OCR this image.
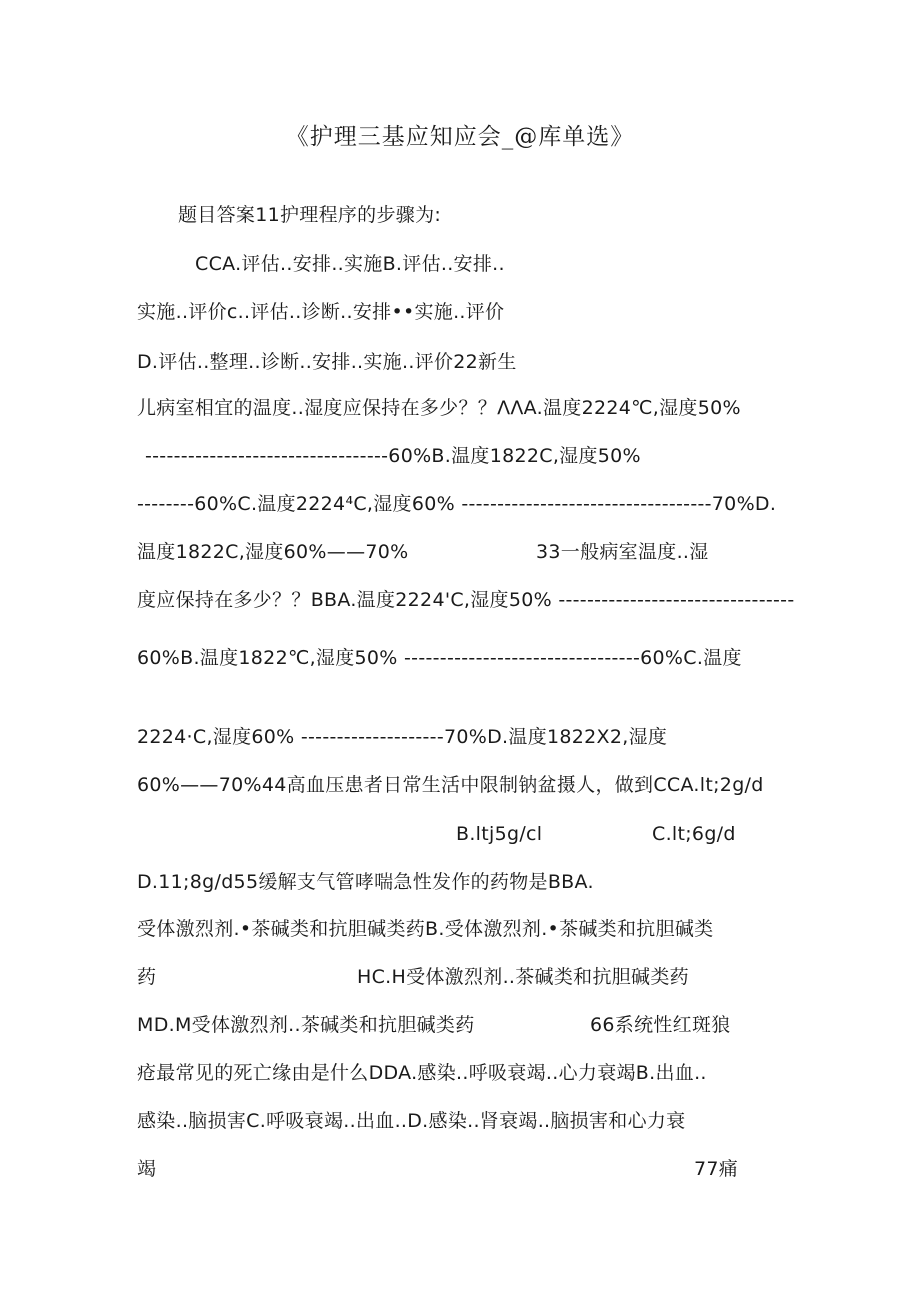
《护理三基应知应会_@库单选》
题目答案11护理程序的步骤为:
CCA.评估..安排..实施B.评估..安排..
实施..评价c..评估..诊断..安排••实施..评价
D.评估..整理..诊断..安排..实施..评价22新生
儿病室相宜的温度..湿度应保持在多少？？ΛΛA.温度2224℃,湿度50%
----------------------------------60%B.温度1822C,湿度50%
--------60%C.温度2224⁴C,湿度60% -----------------------------------70%D.
温度1822C,湿度60%——70%	33一般病室温度..湿
度应保持在多少？？BBA.温度2224'C,湿度50% ---------------------------------
60%B.温度1822℃,湿度50% ---------------------------------60%C.温度
2224·C,湿度60% --------------------70%D.温度1822X2,湿度
60%——70%44高血压患者日常生活中限制钠盆摄人，做到CCA.lt;2g/d
B.ltj5g∕cl	C.lt;6g/d
D.11;8g∕d55缓解支气管哮喘急性发作的药物是BBA.
受体激烈剂.•茶碱类和抗胆碱类药B.受体激烈剂.•茶碱类和抗胆碱类
药	HC.H受体激烈剂..茶碱类和抗胆碱类药
MD.M受体激烈剂..茶碱类和抗胆碱类药	66系统性红斑狼
疮最常见的死亡缘由是什么DDA.感染..呼吸衰竭..心力衰竭B.出血..
感染..脑损害C.呼吸衰竭..出血..D.感染..肾衰竭..脑损害和心力衰
竭	77痛
